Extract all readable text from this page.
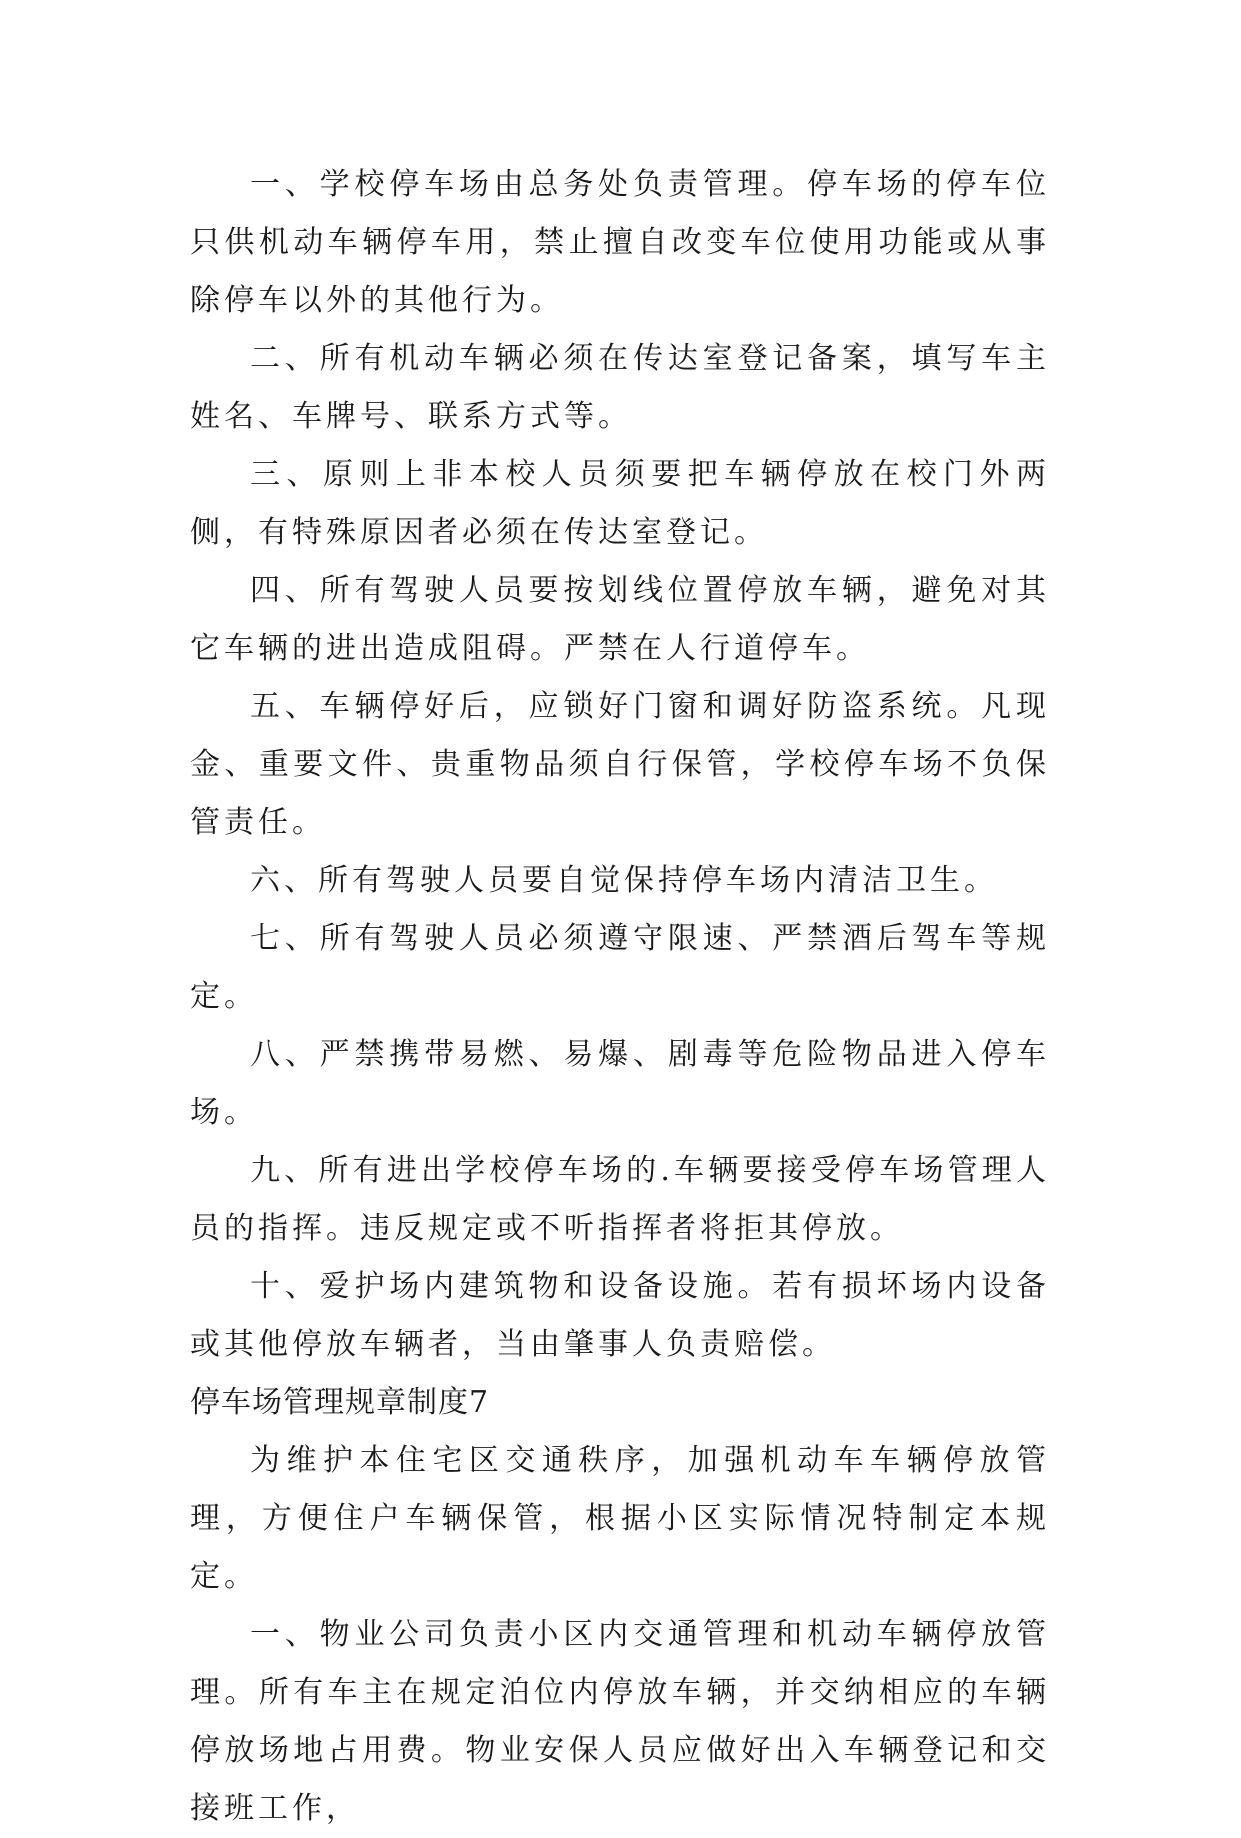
一、学校停车场由总务处负责管理。停车场的停车位只供机动车辆停车用，禁止擅自改变车位使用功能或从事除停车以外的其他行为。

二、所有机动车辆必须在传达室登记备案，填写车主姓名、车牌号、联系方式等。

三、原则上非本校人员须要把车辆停放在校门外两侧，有特殊原因者必须在传达室登记。

四、所有驾驶人员要按划线位置停放车辆，避免对其它车辆的进出造成阻碍。严禁在人行道停车。

五、车辆停好后，应锁好门窗和调好防盗系统。凡现金、重要文件、贵重物品须自行保管，学校停车场不负保管责任。

六、所有驾驶人员要自觉保持停车场内清洁卫生。

七、所有驾驶人员必须遵守限速、严禁酒后驾车等规定。

八、严禁携带易燃、易爆、剧毒等危险物品进入停车场。

九、所有进出学校停车场的.车辆要接受停车场管理人员的指挥。违反规定或不听指挥者将拒其停放。

十、爱护场内建筑物和设备设施。若有损坏场内设备或其他停放车辆者，当由肇事人负责赔偿。

停车场管理规章制度7

为维护本住宅区交通秩序，加强机动车车辆停放管理，方便住户车辆保管，根据小区实际情况特制定本规定。

一、物业公司负责小区内交通管理和机动车辆停放管理。所有车主在规定泊位内停放车辆，并交纳相应的车辆停放场地占用费。物业安保人员应做好出入车辆登记和交接班工作，
